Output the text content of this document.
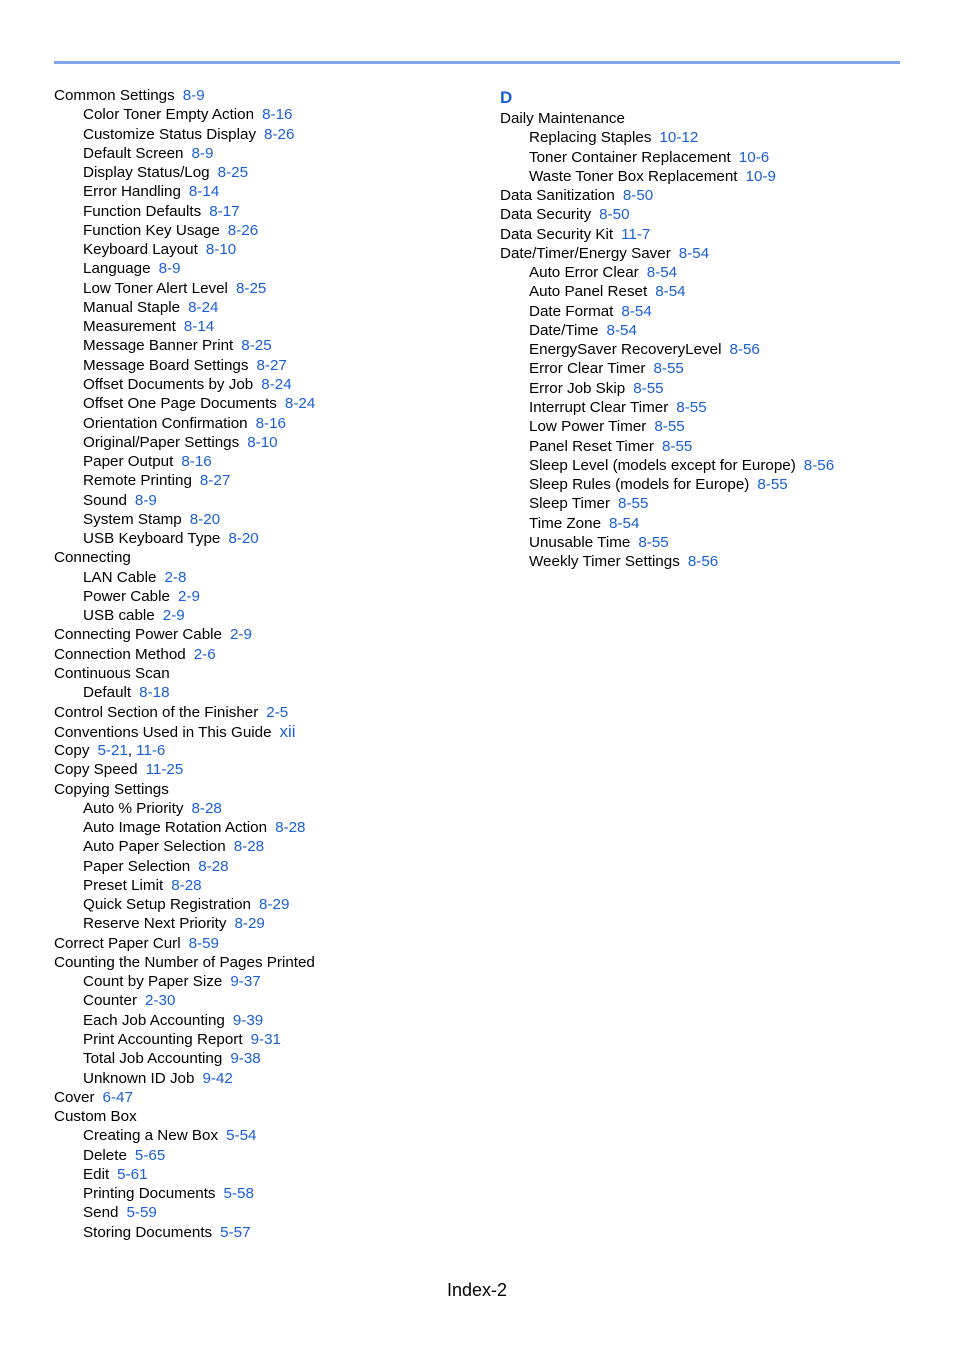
Common Settings 8-9
Color Toner Empty Action 8-16
Customize Status Display 8-26
Default Screen 8-9
Display Status/Log 8-25
Error Handling 8-14
Function Defaults 8-17
Function Key Usage 8-26
Keyboard Layout 8-10
Language 8-9
Low Toner Alert Level 8-25
Manual Staple 8-24
Measurement 8-14
Message Banner Print 8-25
Message Board Settings 8-27
Offset Documents by Job 8-24
Offset One Page Documents 8-24
Orientation Confirmation 8-16
Original/Paper Settings 8-10
Paper Output 8-16
Remote Printing 8-27
Sound 8-9
System Stamp 8-20
USB Keyboard Type 8-20
Connecting
LAN Cable 2-8
Power Cable 2-9
USB cable 2-9
Connecting Power Cable 2-9
Connection Method 2-6
Continuous Scan
Default 8-18
Control Section of the Finisher 2-5
Conventions Used in This Guide xii
Copy 5-21, 11-6
Copy Speed 11-25
Copying Settings
Auto % Priority 8-28
Auto Image Rotation Action 8-28
Auto Paper Selection 8-28
Paper Selection 8-28
Preset Limit 8-28
Quick Setup Registration 8-29
Reserve Next Priority 8-29
Correct Paper Curl 8-59
Counting the Number of Pages Printed
Count by Paper Size 9-37
Counter 2-30
Each Job Accounting 9-39
Print Accounting Report 9-31
Total Job Accounting 9-38
Unknown ID Job 9-42
Cover 6-47
Custom Box
Creating a New Box 5-54
Delete 5-65
Edit 5-61
Printing Documents 5-58
Send 5-59
Storing Documents 5-57
D
Daily Maintenance
Replacing Staples 10-12
Toner Container Replacement 10-6
Waste Toner Box Replacement 10-9
Data Sanitization 8-50
Data Security 8-50
Data Security Kit 11-7
Date/Timer/Energy Saver 8-54
Auto Error Clear 8-54
Auto Panel Reset 8-54
Date Format 8-54
Date/Time 8-54
EnergySaver RecoveryLevel 8-56
Error Clear Timer 8-55
Error Job Skip 8-55
Interrupt Clear Timer 8-55
Low Power Timer 8-55
Panel Reset Timer 8-55
Sleep Level (models except for Europe) 8-56
Sleep Rules (models for Europe) 8-55
Sleep Timer 8-55
Time Zone 8-54
Unusable Time 8-55
Weekly Timer Settings 8-56
Index-2
